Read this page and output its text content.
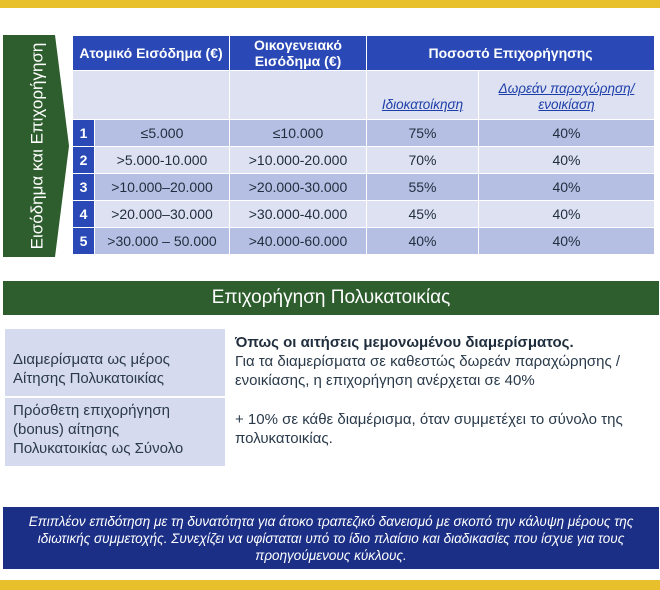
Εισόδημα και Επιχορήγηση Ατομικό Εισόδημα (€)		Οικογενειακό Εισόδημα (€)	Ποσοστό Επιχορήγησης	
			Ιδιοκατοίκηση	Δωρεάν παραχώρηση/ενοικίαση
1	≤5.000	≤10.000	75%	40%
2	>5.000-10.000	>10.000-20.000	70%	40%
3	>10.000–20.000	>20.000-30.000	55%	40%
4	>20.000–30.000	>30.000-40.000	45%	40%
5	>30.000 – 50.000	>40.000-60.000	40%	40%
Επιχορήγηση Πολυκατοικίας
Διαμερίσματα ως μέρος Αίτησης Πολυκατοικίας	Όπως οι αιτήσεις μεμονωμένου διαμερίσματος.
Για τα διαμερίσματα σε καθεστώς δωρεάν παραχώρησης / ενοικίασης, η επιχορήγηση ανέρχεται σε 40%
Πρόσθετη επιχορήγηση (bonus) αίτησης Πολυκατοικίας ως Σύνολο	+ 10% σε κάθε διαμέρισμα, όταν συμμετέχει το σύνολο της πολυκατοικίας.
Επιπλέον επιδότηση με τη δυνατότητα για άτοκο τραπεζικό δανεισμό με σκοπό την κάλυψη μέρους της ιδιωτικής συμμετοχής. Συνεχίζει να υφίσταται υπό το ίδιο πλαίσιο και διαδικασίες που ίσχυε για τους προηγούμενους κύκλους.
